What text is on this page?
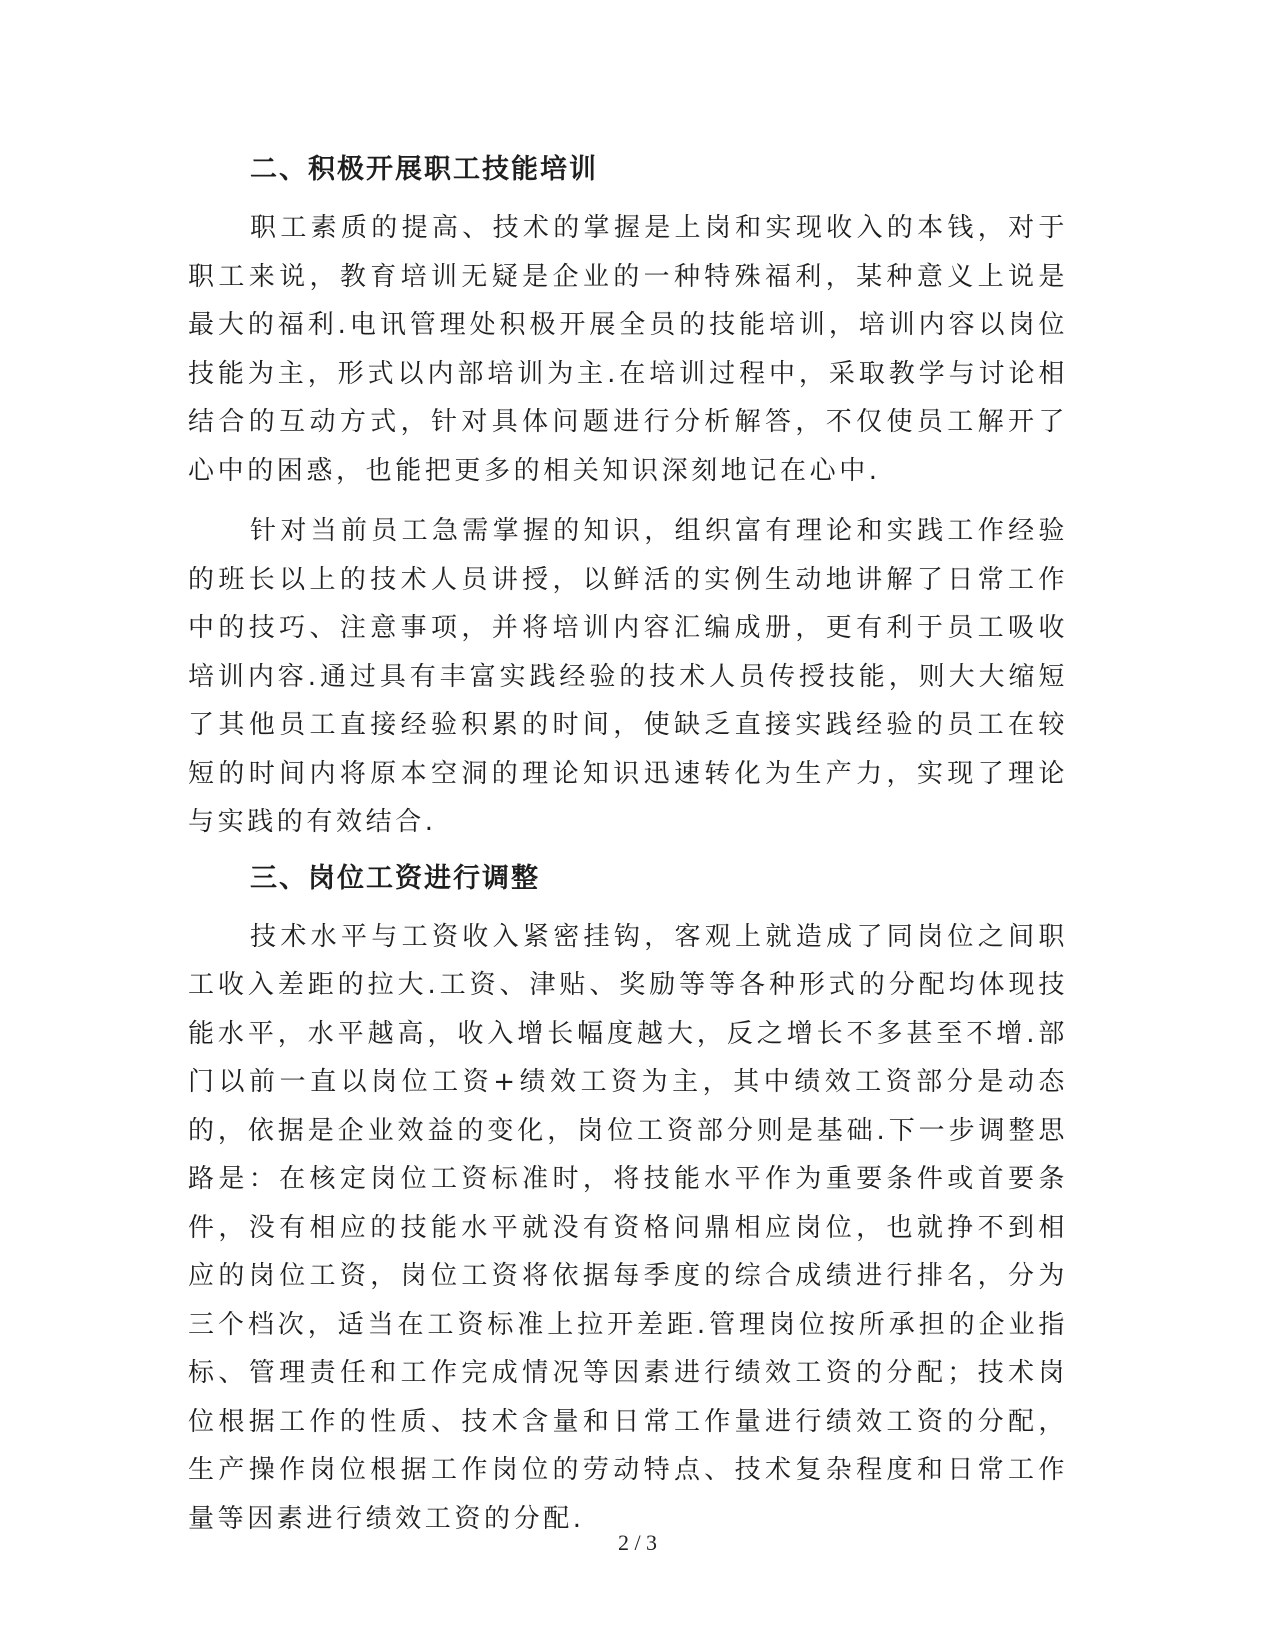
二、积极开展职工技能培训

职工素质的提高、技术的掌握是上岗和实现收入的本钱，对于职工来说，教育培训无疑是企业的一种特殊福利，某种意义上说是最大的福利.电讯管理处积极开展全员的技能培训，培训内容以岗位技能为主，形式以内部培训为主.在培训过程中，采取教学与讨论相结合的互动方式，针对具体问题进行分析解答，不仅使员工解开了心中的困惑，也能把更多的相关知识深刻地记在心中.

针对当前员工急需掌握的知识，组织富有理论和实践工作经验的班长以上的技术人员讲授，以鲜活的实例生动地讲解了日常工作中的技巧、注意事项，并将培训内容汇编成册，更有利于员工吸收培训内容.通过具有丰富实践经验的技术人员传授技能，则大大缩短了其他员工直接经验积累的时间，使缺乏直接实践经验的员工在较短的时间内将原本空洞的理论知识迅速转化为生产力，实现了理论与实践的有效结合.

三、岗位工资进行调整

技术水平与工资收入紧密挂钩，客观上就造成了同岗位之间职工收入差距的拉大.工资、津贴、奖励等等各种形式的分配均体现技能水平，水平越高，收入增长幅度越大，反之增长不多甚至不增.部门以前一直以岗位工资+绩效工资为主，其中绩效工资部分是动态的，依据是企业效益的变化，岗位工资部分则是基础.下一步调整思路是：在核定岗位工资标准时，将技能水平作为重要条件或首要条件，没有相应的技能水平就没有资格问鼎相应岗位，也就挣不到相应的岗位工资，岗位工资将依据每季度的综合成绩进行排名，分为三个档次，适当在工资标准上拉开差距.管理岗位按所承担的企业指标、管理责任和工作完成情况等因素进行绩效工资的分配；技术岗位根据工作的性质、技术含量和日常工作量进行绩效工资的分配，生产操作岗位根据工作岗位的劳动特点、技术复杂程度和日常工作量等因素进行绩效工资的分配.

2 / 3
